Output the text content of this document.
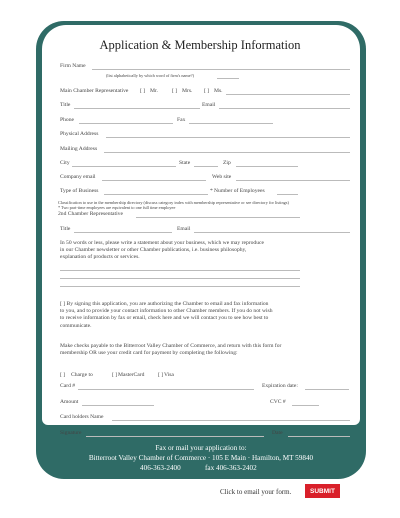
Application & Membership Information
Firm Name
(list alphabetically by which word of firm's name?)
Main Chamber Representative [ ] Mr.	[ ] Mrs. [ ] Ms.
Title	Email
Phone	Fax
Physical Address
Mailing Address
City	State	Zip
Company email	Web site
Type of Business	* Number of Employees
Classification to use in the membership directory (discuss category index with membership representative or see directory for listings)
* Two part-time employees are equivalent to one full time employee
2nd Chamber Representative
Title	Email
In 50 words or less, please write a statement about your business, which we may reproduce
in our Chamber newsletter or other Chamber publications, i.e. business philosophy,
explanation of products or services.
[ ] By signing this application, you are authorizing the Chamber to email and fax information
to you, and to provide your contact information to other Chamber members. If you do not wish
to receive information by fax or email, check here and we will contact you to see how best to
communicate.
Make checks payable to the Bitterroot Valley Chamber of Commerce, and return with this form for
membership OR use your credit card for payment by completing the following:
[ ] Charge to	[ ] MasterCard [ ] Visa
Card #	Expiration date:
Amount	CVC #
Card holders Name
Signature	Date
Fax or mail your application to:
Bitterroot Valley Chamber of Commerce · 105 E Main · Hamilton, MT 59840
406-363-2400	fax 406-363-2402
Click to email your form.	SUBMIT
